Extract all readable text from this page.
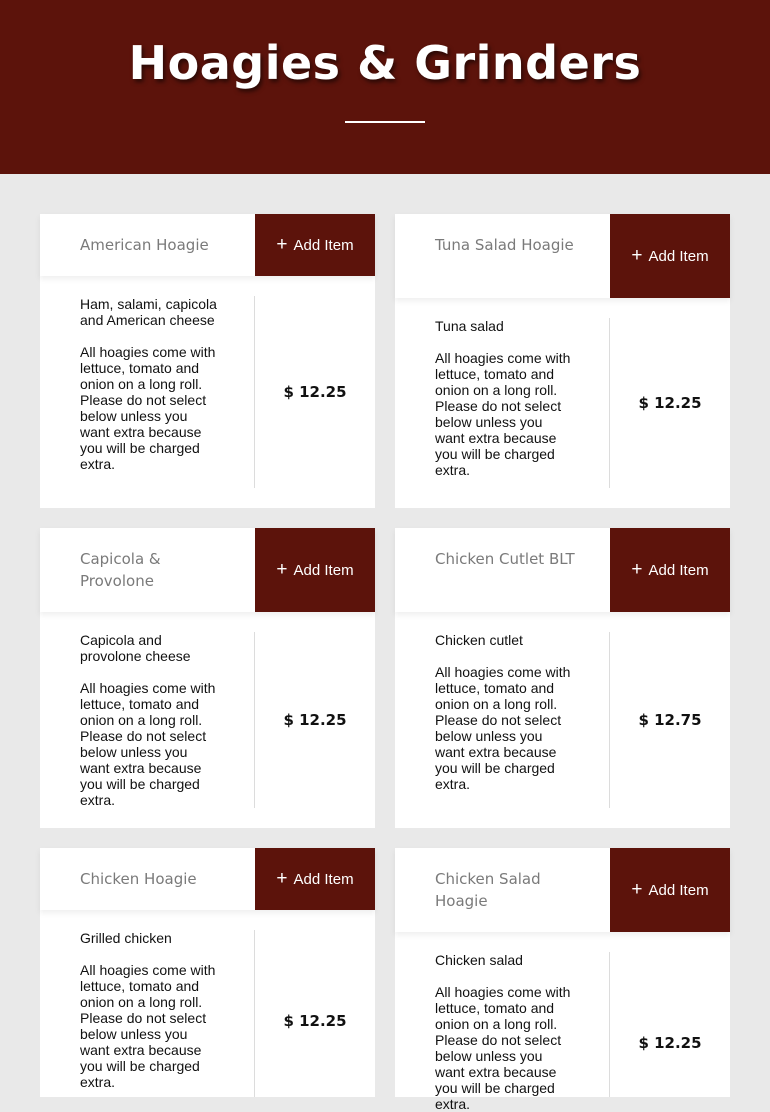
Hoagies & Grinders
American Hoagie	+ Add Item

Ham, salami, capicola and American cheese

All hoagies come with lettuce, tomato and onion on a long roll. Please do not select below unless you want extra because you will be charged extra.

$ 12.25
Tuna Salad Hoagie	+ Add Item

Tuna salad

All hoagies come with lettuce, tomato and onion on a long roll. Please do not select below unless you want extra because you will be charged extra.

$ 12.25
Capicola & Provolone
+ Add Item

Capicola and provolone cheese

All hoagies come with lettuce, tomato and onion on a long roll. Please do not select below unless you want extra because you will be charged extra.

$ 12.25
Chicken Cutlet BLT	+ Add Item

Chicken cutlet

All hoagies come with lettuce, tomato and onion on a long roll. Please do not select below unless you want extra because you will be charged extra.

$ 12.75
Chicken Hoagie	+ Add Item

Grilled chicken

All hoagies come with lettuce, tomato and onion on a long roll. Please do not select below unless you want extra because you will be charged extra.

$ 12.25
Chicken Salad Hoagie
+ Add Item

Chicken salad

All hoagies come with lettuce, tomato and onion on a long roll. Please do not select below unless you want extra because you will be charged extra.

$ 12.25
